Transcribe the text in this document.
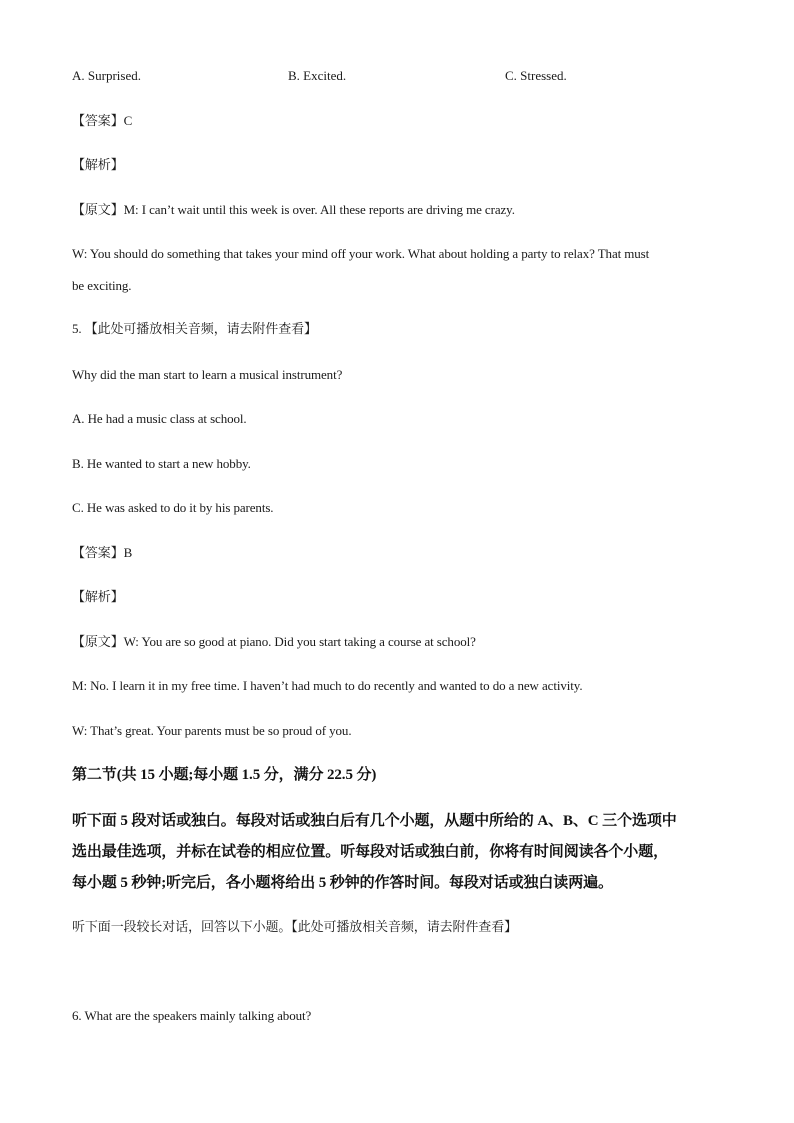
A. Surprised.	B. Excited.	C. Stressed.
【答案】C
【解析】
【原文】M: I can’t wait until this week is over. All these reports are driving me crazy.
W: You should do something that takes your mind off your work. What about holding a party to relax? That must
be exciting.
5. 【此处可播放相关音频，请去附件查看】
Why did the man start to learn a musical instrument?
A. He had a music class at school.
B. He wanted to start a new hobby.
C. He was asked to do it by his parents.
【答案】B
【解析】
【原文】W: You are so good at piano. Did you start taking a course at school?
M: No. I learn it in my free time. I haven’t had much to do recently and wanted to do a new activity.
W: That’s great. Your parents must be so proud of you.
第二节(共 15 小题;每小题 1.5 分，满分 22.5 分)
听下面 5 段对话或独白。每段对话或独白后有几个小题，从题中所给的 A、B、C 三个选项中
选出最佳选项，并标在试卷的相应位置。听每段对话或独白前，你将有时间阅读各个小题，
每小题 5 秒钟;听完后，各小题将给出 5 秒钟的作答时间。每段对话或独白读两遍。
听下面一段较长对话，回答以下小题。【此处可播放相关音频，请去附件查看】
6. What are the speakers mainly talking about?
